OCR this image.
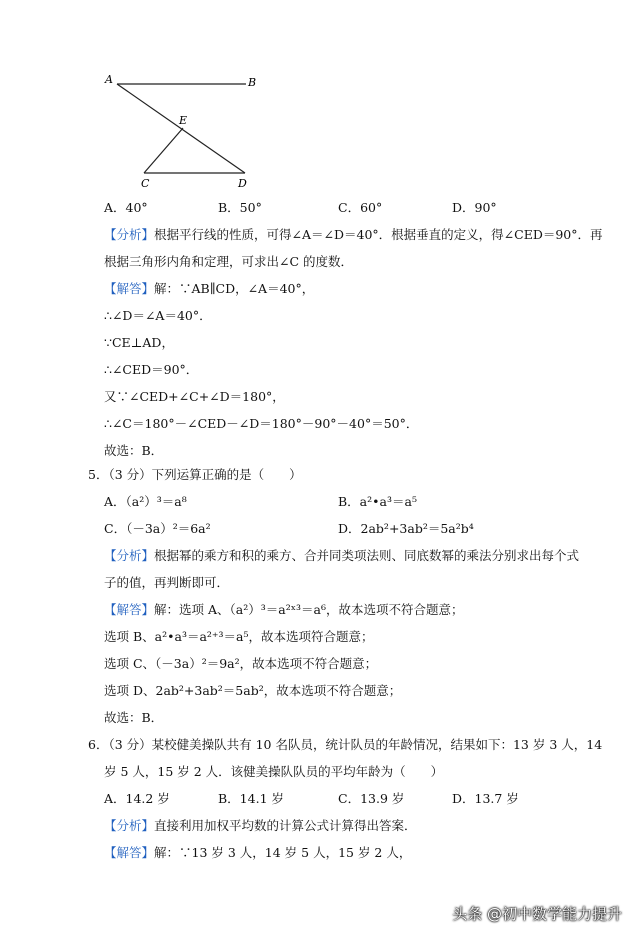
A	B
E
C	D
A．40°	B．50°	C．60°	D．90°
【分析】根据平行线的性质，可得∠A＝∠D＝40°．根据垂直的定义，得∠CED＝90°．再
根据三角形内角和定理，可求出∠C 的度数．
【解答】解：∵AB∥CD，∠A＝40°，
∴∠D＝∠A＝40°．
∵CE⊥AD，
∴∠CED＝90°．
又∵∠CED+∠C+∠D＝180°，
∴∠C＝180°－∠CED－∠D＝180°－90°－40°＝50°．
故选：B．
5．（3 分）下列运算正确的是（　　）
A．（a²）³＝a⁸	B．a²•a³＝a⁵
C．（－3a）²＝6a²	D．2ab²+3ab²＝5a²b⁴
【分析】根据幂的乘方和积的乘方、合并同类项法则、同底数幂的乘法分别求出每个式
子的值，再判断即可．
【解答】解：选项 A、（a²）³＝a²ˣ³＝a⁶，故本选项不符合题意；
选项 B、a²•a³＝a²⁺³＝a⁵，故本选项符合题意；
选项 C、（－3a）²＝9a²，故本选项不符合题意；
选项 D、2ab²+3ab²＝5ab²，故本选项不符合题意；
故选：B．
6．（3 分）某校健美操队共有 10 名队员，统计队员的年龄情况，结果如下：13 岁 3 人，14
岁 5 人，15 岁 2 人．该健美操队队员的平均年龄为（　　）
A．14.2 岁	B．14.1 岁	C．13.9 岁	D．13.7 岁
【分析】直接利用加权平均数的计算公式计算得出答案．
【解答】解：∵13 岁 3 人，14 岁 5 人，15 岁 2 人，
头条 @初中数学能力提升
